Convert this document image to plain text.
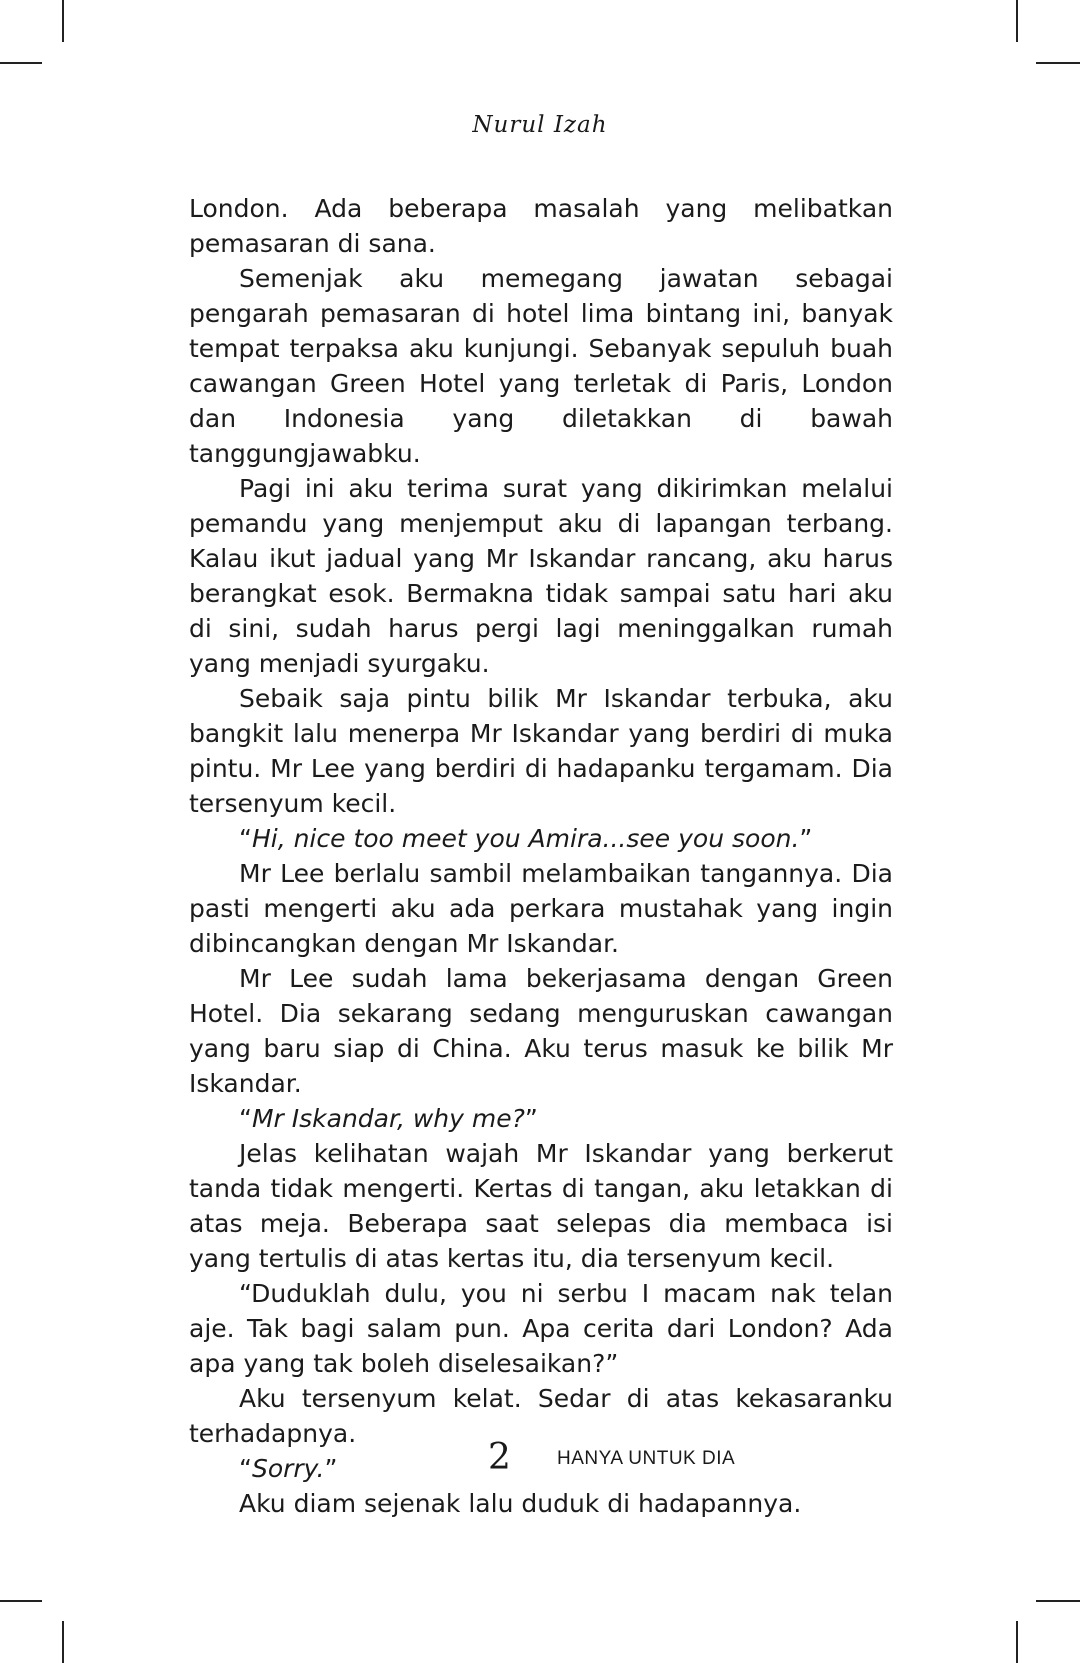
Nurul Izah

London. Ada beberapa masalah yang melibatkan pemasaran di sana.

Semenjak aku memegang jawatan sebagai pengarah pemasaran di hotel lima bintang ini, banyak tempat terpaksa aku kunjungi. Sebanyak sepuluh buah cawangan Green Hotel yang terletak di Paris, London dan Indonesia yang diletakkan di bawah tanggungjawabku.

Pagi ini aku terima surat yang dikirimkan melalui pemandu yang menjemput aku di lapangan terbang. Kalau ikut jadual yang Mr Iskandar rancang, aku harus berangkat esok. Bermakna tidak sampai satu hari aku di sini, sudah harus pergi lagi meninggalkan rumah yang menjadi syurgaku.

Sebaik saja pintu bilik Mr Iskandar terbuka, aku bangkit lalu menerpa Mr Iskandar yang berdiri di muka pintu. Mr Lee yang berdiri di hadapanku tergamam. Dia tersenyum kecil.

“Hi, nice too meet you Amira...see you soon.”

Mr Lee berlalu sambil melambaikan tangannya. Dia pasti mengerti aku ada perkara mustahak yang ingin dibincangkan dengan Mr Iskandar.

Mr Lee sudah lama bekerjasama dengan Green Hotel. Dia sekarang sedang menguruskan cawangan yang baru siap di China. Aku terus masuk ke bilik Mr Iskandar.

“Mr Iskandar, why me?”

Jelas kelihatan wajah Mr Iskandar yang berkerut tanda tidak mengerti. Kertas di tangan, aku letakkan di atas meja. Beberapa saat selepas dia membaca isi yang tertulis di atas kertas itu, dia tersenyum kecil.

“Duduklah dulu, you ni serbu I macam nak telan aje. Tak bagi salam pun. Apa cerita dari London? Ada apa yang tak boleh diselesaikan?”

Aku tersenyum kelat. Sedar di atas kekasaranku terhadapnya.

“Sorry.”

Aku diam sejenak lalu duduk di hadapannya.

2 HANYA UNTUK DIA
